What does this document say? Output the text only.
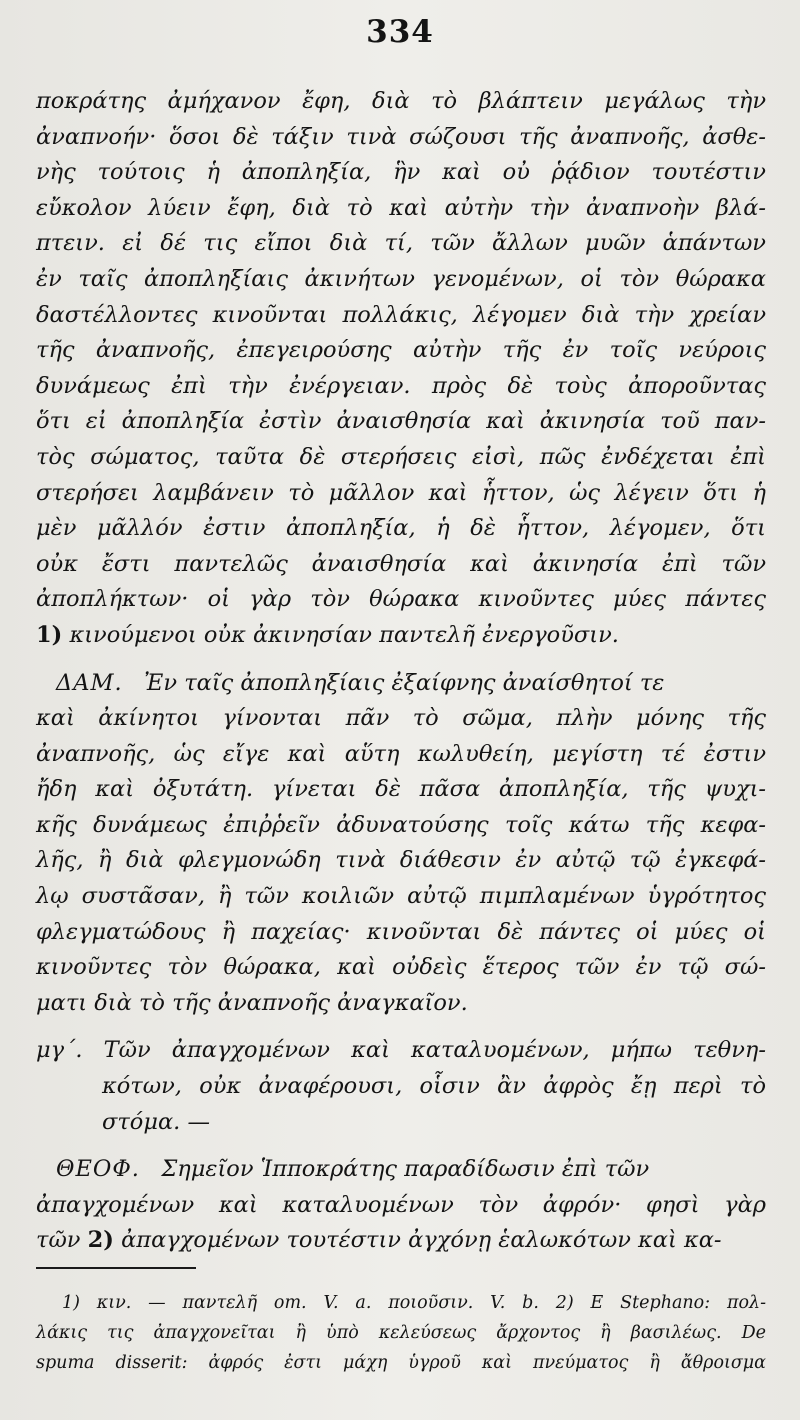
334
ποκράτης ἀμήχανον ἔφη, διὰ τὸ βλάπτειν μεγάλως τὴν
ἀναπνοήν· ὅσοι δὲ τάξιν τινὰ σώζουσι τῆς ἀναπνοῆς, ἀσθε-
νὴς τούτοις ἡ ἀποπληξία, ἣν καὶ οὐ ῥᾴδιον τουτέστιν
εὔκολον λύειν ἔφη, διὰ τὸ καὶ αὐτὴν τὴν ἀναπνοὴν βλά-
πτειν. εἰ δέ τις εἴποι διὰ τί, τῶν ἄλλων μυῶν ἁπάντων
ἐν ταῖς ἀποπληξίαις ἀκινήτων γενομένων, οἱ τὸν θώρακα
δαστέλλοντες κινοῦνται πολλάκις, λέγομεν διὰ τὴν χρείαν
τῆς ἀναπνοῆς, ἐπεγειρούσης αὐτὴν τῆς ἐν τοῖς νεύροις
δυνάμεως ἐπὶ τὴν ἐνέργειαν. πρὸς δὲ τοὺς ἀποροῦντας
ὅτι εἰ ἀποπληξία ἐστὶν ἀναισθησία καὶ ἀκινησία τοῦ παν-
τὸς σώματος, ταῦτα δὲ στερήσεις εἰσὶ, πῶς ἐνδέχεται ἐπὶ
στερήσει λαμβάνειν τὸ μᾶλλον καὶ ἧττον, ὡς λέγειν ὅτι ἡ
μὲν μᾶλλόν ἐστιν ἀποπληξία, ἡ δὲ ἧττον, λέγομεν, ὅτι
οὐκ ἔστι παντελῶς ἀναισθησία καὶ ἀκινησία ἐπὶ τῶν
ἀποπλήκτων· οἱ γὰρ τὸν θώρακα κινοῦντες μύες πάντες
1) κινούμενοι οὐκ ἀκινησίαν παντελῆ ἐνεργοῦσιν.
ΔΑΜ. Ἐν ταῖς ἀποπληξίαις ἐξαίφνης ἀναίσθητοί τε
καὶ ἀκίνητοι γίνονται πᾶν τὸ σῶμα, πλὴν μόνης τῆς
ἀναπνοῆς, ὡς εἴγε καὶ αὕτη κωλυθείη, μεγίστη τέ ἐστιν
ἤδη καὶ ὀξυτάτη. γίνεται δὲ πᾶσα ἀποπληξία, τῆς ψυχι-
κῆς δυνάμεως ἐπιῤῥεῖν ἀδυνατούσης τοῖς κάτω τῆς κεφα-
λῆς, ἢ διὰ φλεγμονώδη τινὰ διάθεσιν ἐν αὐτῷ τῷ ἐγκεφά-
λῳ συστᾶσαν, ἢ τῶν κοιλιῶν αὐτῷ πιμπλαμένων ὑγρότητος
φλεγματώδους ἢ παχείας· κινοῦνται δὲ πάντες οἱ μύες οἱ
κινοῦντες τὸν θώρακα, καὶ οὐδεὶς ἕτερος τῶν ἐν τῷ σώ-
ματι διὰ τὸ τῆς ἀναπνοῆς ἀναγκαῖον.
μγ΄. Τῶν ἀπαγχομένων καὶ καταλυομένων, μήπω τεθνη-
κότων, οὐκ ἀναφέρουσι, οἷσιν ἂν ἀφρὸς ἔῃ περὶ τὸ
στόμα. —
ΘΕΟΦ. Σημεῖον Ἱπποκράτης παραδίδωσιν ἐπὶ τῶν
ἀπαγχομένων καὶ καταλυομένων τὸν ἀφρόν· φησὶ γὰρ
τῶν 2) ἀπαγχομένων τουτέστιν ἀγχόνῃ ἑαλωκότων καὶ κα-
1) κιν. — παντελῆ om. V. a. ποιοῦσιν. V. b. 2) E Stephano: πολ-
λάκις τις ἀπαγχονεῖται ἢ ὑπὸ κελεύσεως ἄρχοντος ἢ βασιλέως. De
spuma disserit: ἀφρός ἐστι μάχη ὑγροῦ καὶ πνεύματος ἢ ἄθροισμα
